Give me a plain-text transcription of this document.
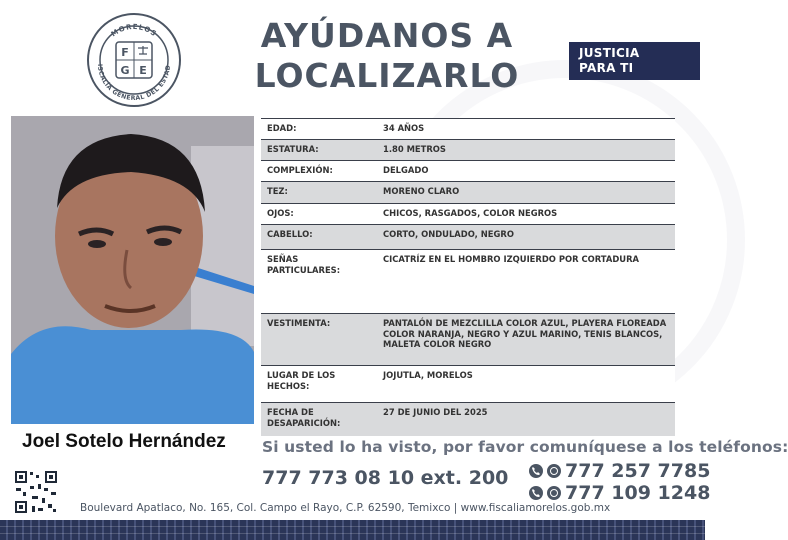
MORELOS
ISCALÍA GENERAL DEL ESTAD
F
G E
AYÚDANOS A
LOCALIZARLO
JUSTICIA
PARA TI
Joel Sotelo Hernández
EDAD:	34 AÑOS
ESTATURA:	1.80 METROS
COMPLEXIÓN:	DELGADO
TEZ:	MORENO CLARO
OJOS:	CHICOS, RASGADOS, COLOR NEGROS
CABELLO:	CORTO, ONDULADO, NEGRO
SEÑAS PARTICULARES:
CICATRÍZ EN EL HOMBRO IZQUIERDO POR CORTADURA
VESTIMENTA:	PANTALÓN DE MEZCLILLA COLOR AZUL, PLAYERA FLOREADA COLOR NARANJA, NEGRO Y AZUL MARINO, TENIS BLANCOS, MALETA COLOR NEGRO
LUGAR DE LOS HECHOS:
JOJUTLA, MORELOS
FECHA DE DESAPARICIÓN:
27 DE JUNIO DEL 2025
Si usted lo ha visto, por favor comuníquese a los teléfonos:
777 773 08 10 ext. 200	777 257 7785
777 109 1248
Boulevard Apatlaco, No. 165, Col. Campo el Rayo, C.P. 62590, Temixco | www.fiscaliamorelos.gob.mx
